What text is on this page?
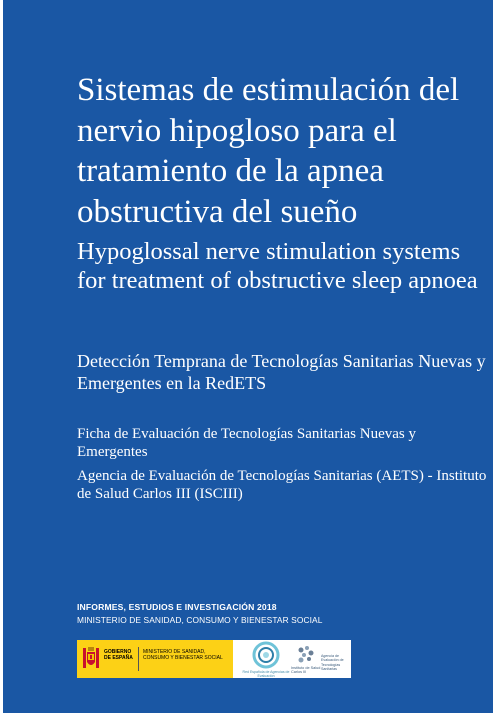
Sistemas de estimulación del nervio hipogloso para el tratamiento de la apnea obstructiva del sueño
Hypoglossal nerve stimulation systems for treatment of obstructive sleep apnoea

Detección Temprana de Tecnologías Sanitarias Nuevas y Emergentes en la RedETS

Ficha de Evaluación de Tecnologías Sanitarias Nuevas y Emergentes

Agencia de Evaluación de Tecnologías Sanitarias (AETS) - Instituto de Salud Carlos III (ISCIII)

INFORMES, ESTUDIOS E INVESTIGACIÓN 2018
MINISTERIO DE SANIDAD, CONSUMO Y BIENESTAR SOCIAL
GOBIERNO DE ESPAÑA
MINISTERIO DE SANIDAD, CONSUMO Y BIENESTAR SOCIAL
Red Española de Agencias de Evaluación
Instituto de Salud Carlos III
Agencia de Evaluación de Tecnologías Sanitarias
